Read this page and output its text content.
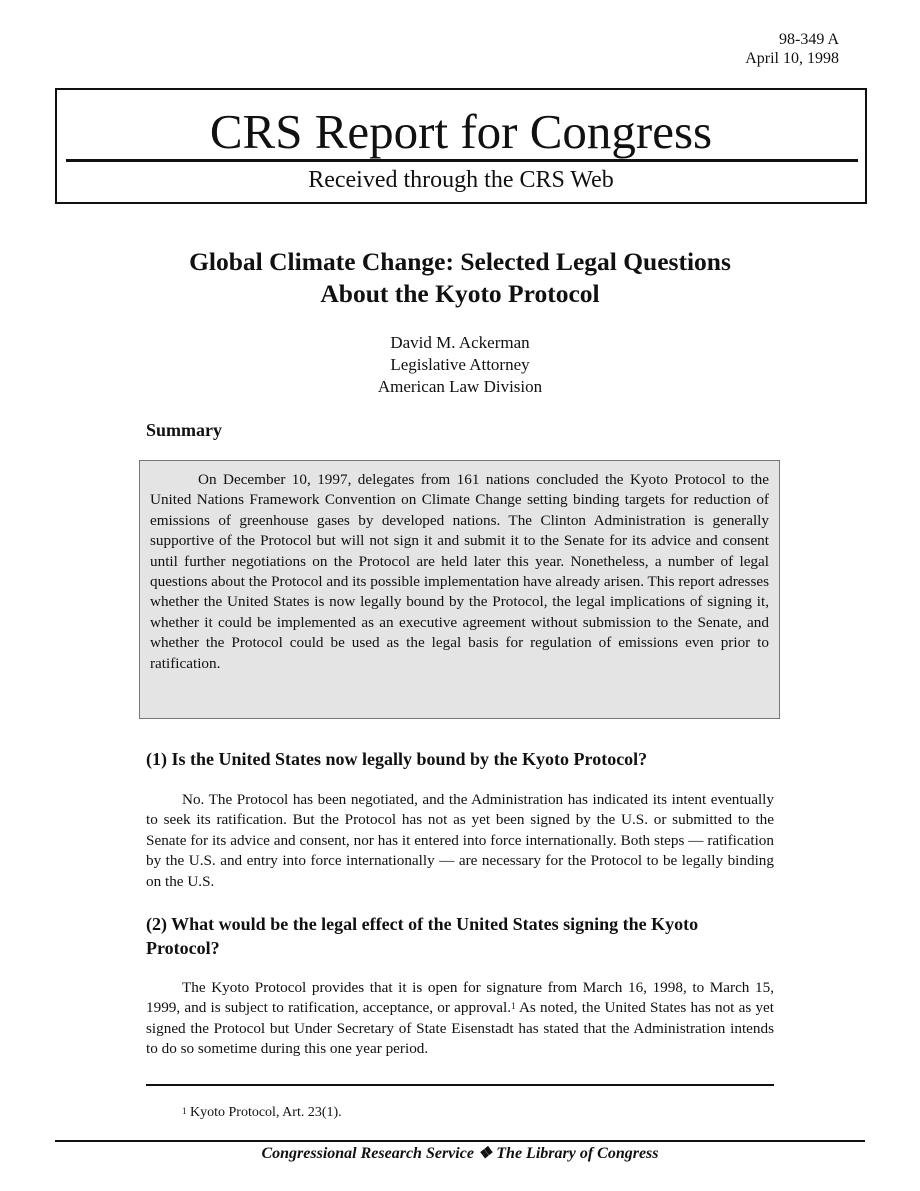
98-349 A
April 10, 1998
CRS Report for Congress
Received through the CRS Web
Global Climate Change: Selected Legal Questions
About the Kyoto Protocol
David M. Ackerman
Legislative Attorney
American Law Division
Summary

On December 10, 1997, delegates from 161 nations concluded the Kyoto Protocol to the United Nations Framework Convention on Climate Change setting binding targets for reduction of emissions of greenhouse gases by developed nations. The Clinton Administration is generally supportive of the Protocol but will not sign it and submit it to the Senate for its advice and consent until further negotiations on the Protocol are held later this year. Nonetheless, a number of legal questions about the Protocol and its possible implementation have already arisen. This report adresses whether the United States is now legally bound by the Protocol, the legal implications of signing it, whether it could be implemented as an executive agreement without submission to the Senate, and whether the Protocol could be used as the legal basis for regulation of emissions even prior to ratification.

(1) Is the United States now legally bound by the Kyoto Protocol?

No. The Protocol has been negotiated, and the Administration has indicated its intent eventually to seek its ratification. But the Protocol has not as yet been signed by the U.S. or submitted to the Senate for its advice and consent, nor has it entered into force internationally. Both steps — ratification by the U.S. and entry into force internationally — are necessary for the Protocol to be legally binding on the U.S.

(2) What would be the legal effect of the United States signing the Kyoto Protocol?

The Kyoto Protocol provides that it is open for signature from March 16, 1998, to March 15, 1999, and is subject to ratification, acceptance, or approval.$^1$ As noted, the United States has not as yet signed the Protocol but Under Secretary of State Eisenstadt has stated that the Administration intends to do so sometime during this one year period.

$^1$ Kyoto Protocol, Art. 23(1).
Congressional Research Service ❖ The Library of Congress
